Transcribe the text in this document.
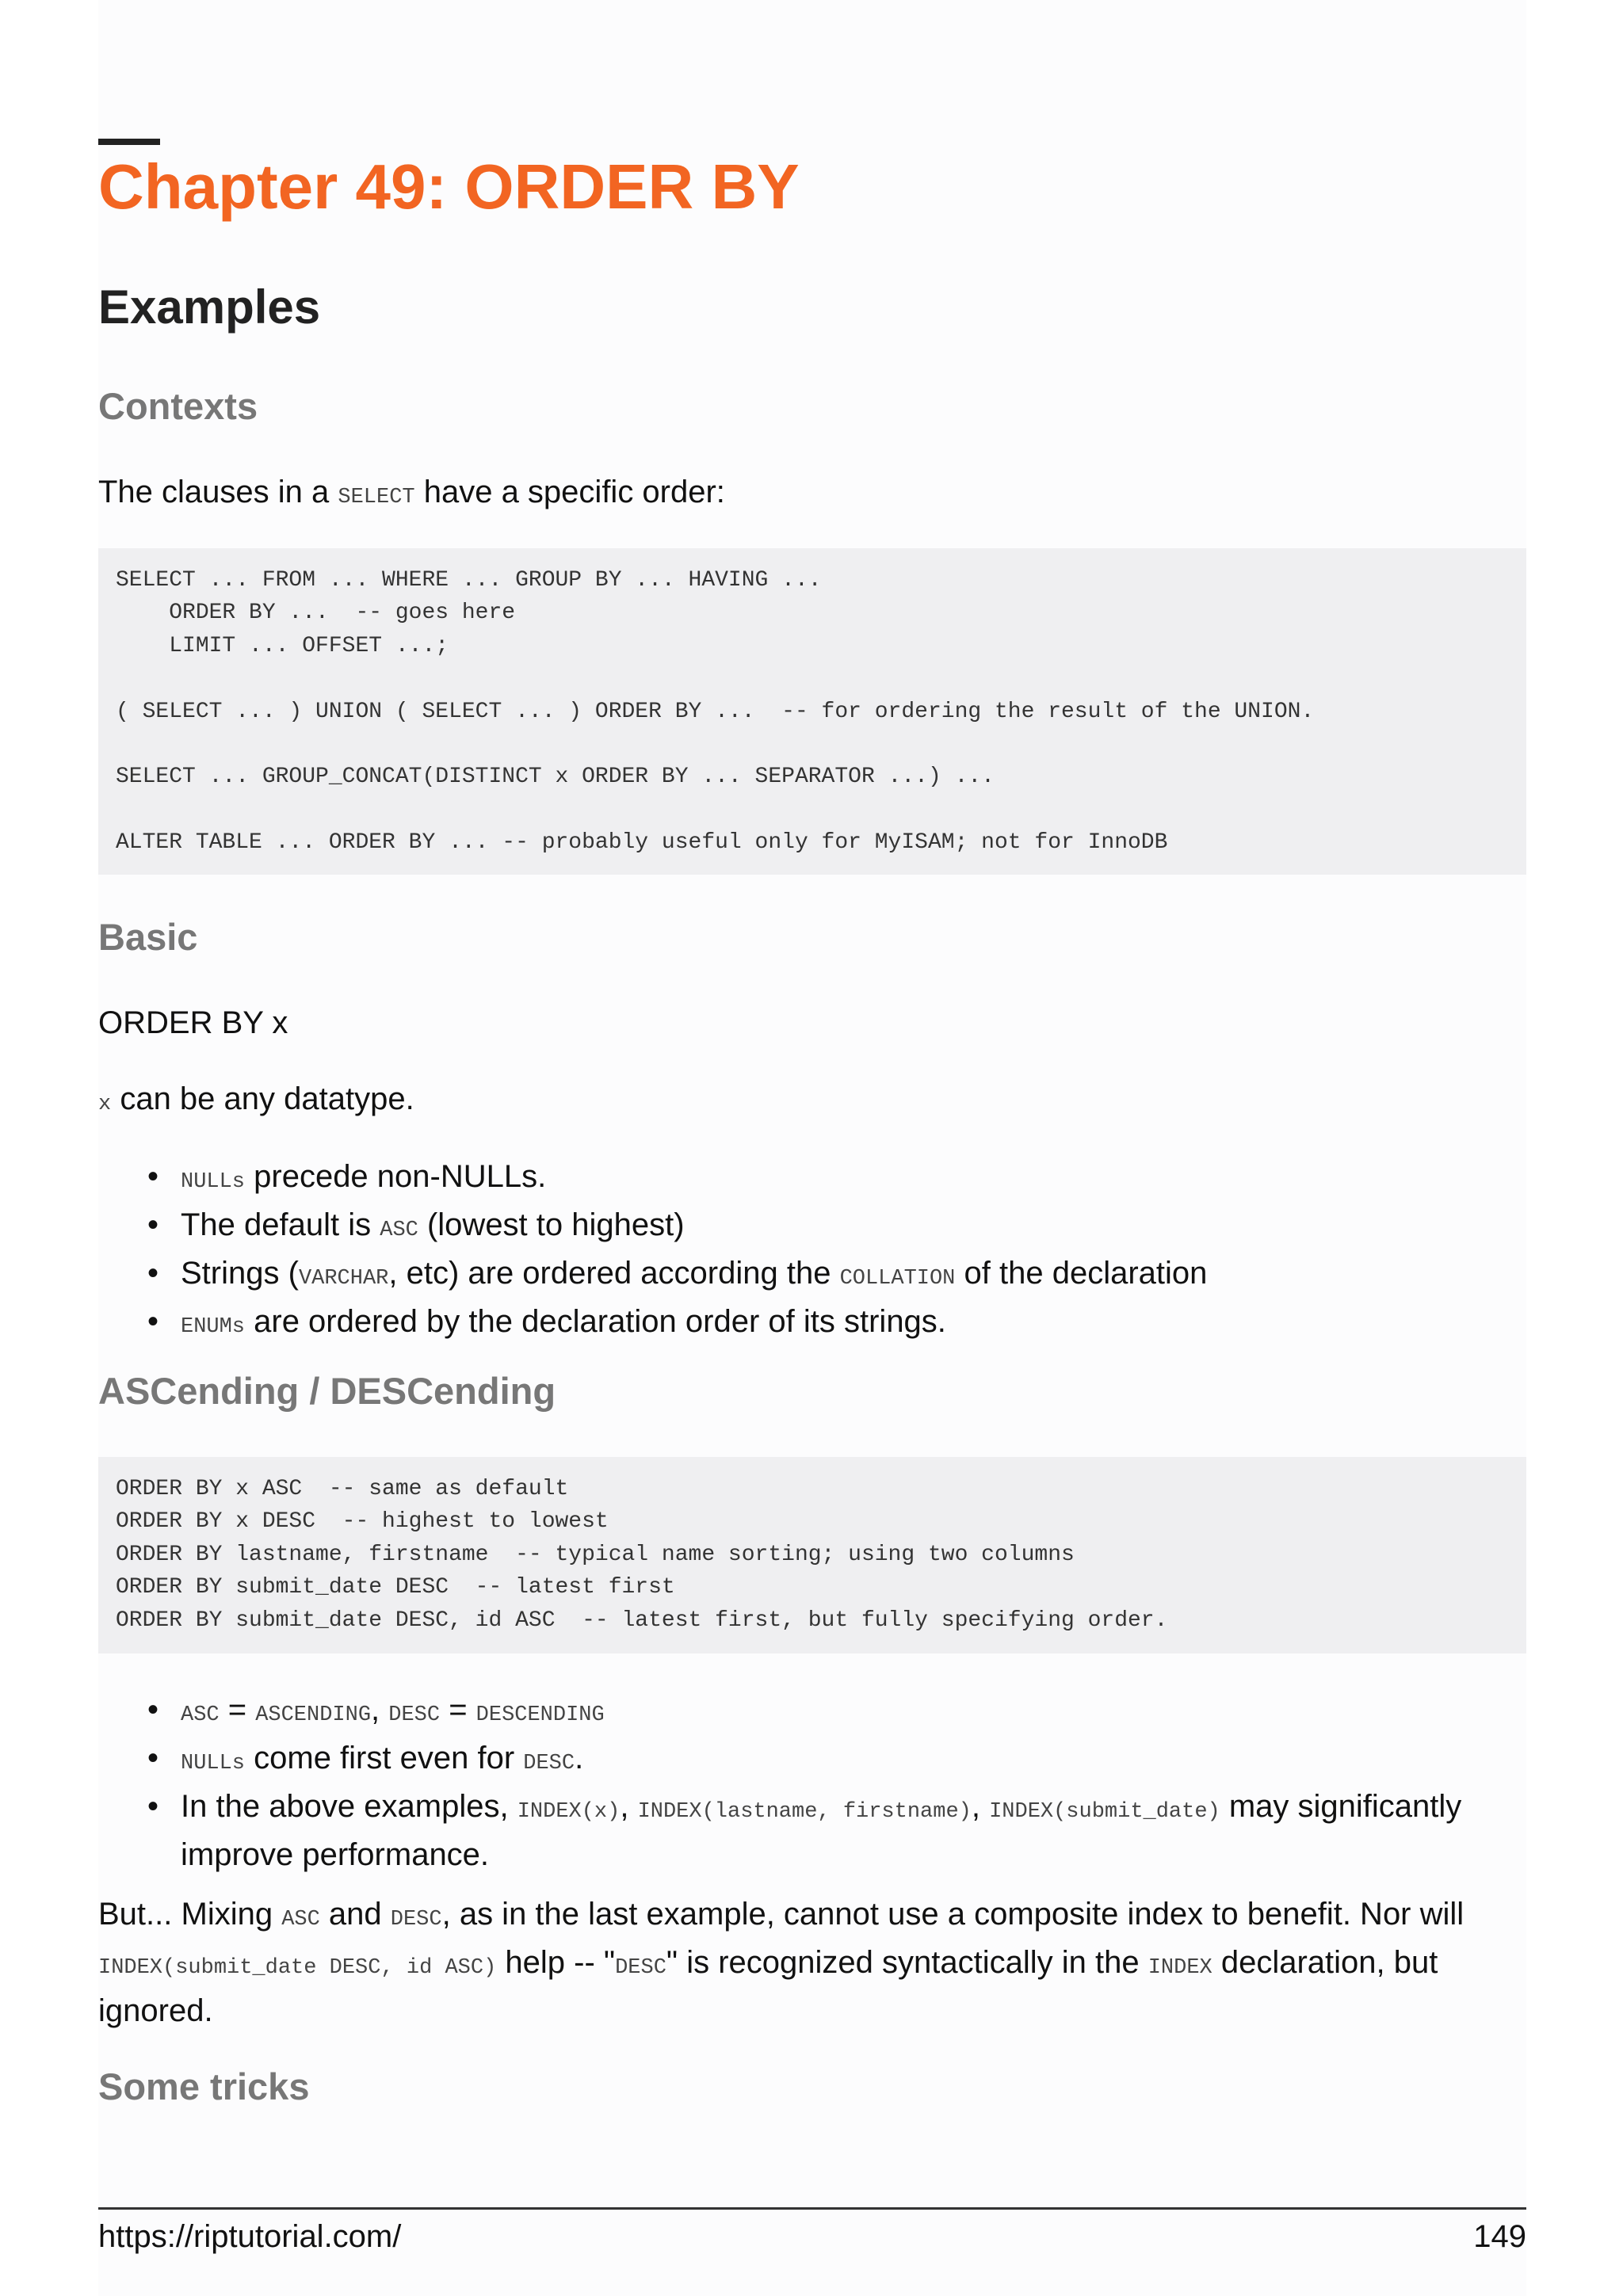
Chapter 49: ORDER BY
Examples
Contexts

The clauses in a SELECT have a specific order:

SELECT ... FROM ... WHERE ... GROUP BY ... HAVING ...
ORDER BY ...  -- goes here
LIMIT ... OFFSET ...;
( SELECT ... ) UNION ( SELECT ... ) ORDER BY ...  -- for ordering the result of the UNION.
SELECT ... GROUP_CONCAT(DISTINCT x ORDER BY ... SEPARATOR ...) ...
ALTER TABLE ... ORDER BY ... -- probably useful only for MyISAM; not for InnoDB
Basic

ORDER BY x

x can be any datatype.

• NULLs precede non-NULLs.
• The default is ASC (lowest to highest)
• Strings (VARCHAR, etc) are ordered according the COLLATION of the declaration
• ENUMs are ordered by the declaration order of its strings.
ASCending / DESCending
ORDER BY x ASC  -- same as default
ORDER BY x DESC  -- highest to lowest
ORDER BY lastname, firstname  -- typical name sorting; using two columns
ORDER BY submit_date DESC  -- latest first
ORDER BY submit_date DESC, id ASC  -- latest first, but fully specifying order.
• ASC = ASCENDING, DESC = DESCENDING
• NULLs come first even for DESC.
• In the above examples, INDEX(x), INDEX(lastname, firstname), INDEX(submit_date) may significantly improve performance.

But... Mixing ASC and DESC, as in the last example, cannot use a composite index to benefit. Nor will INDEX(submit_date DESC, id ASC) help -- "DESC" is recognized syntactically in the INDEX declaration, but ignored.

Some tricks
https://riptutorial.com/	149
